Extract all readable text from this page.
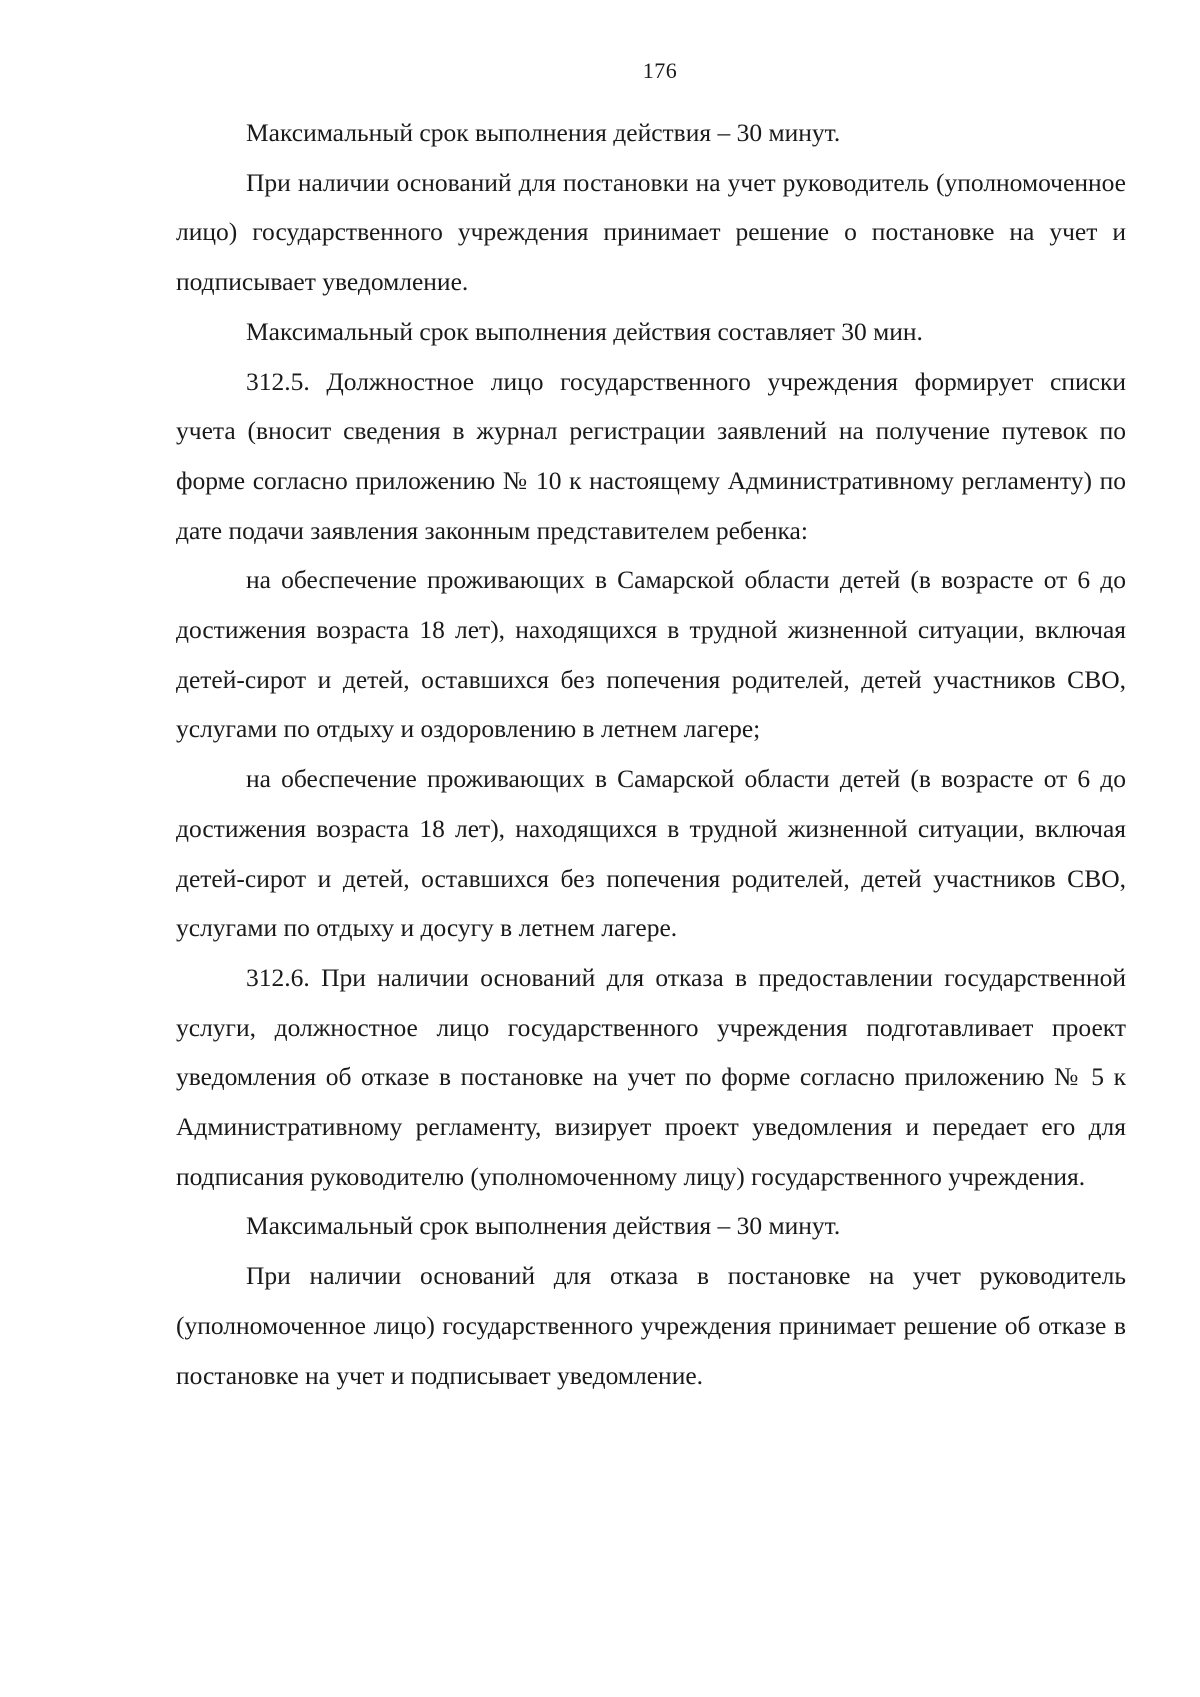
176

Максимальный срок выполнения действия – 30 минут.

При наличии оснований для постановки на учет руководитель (уполномоченное лицо) государственного учреждения принимает решение о постановке на учет и подписывает уведомление.

Максимальный срок выполнения действия составляет 30 мин.

312.5. Должностное лицо государственного учреждения формирует списки учета (вносит сведения в журнал регистрации заявлений на получение путевок по форме согласно приложению № 10 к настоящему Административному регламенту) по дате подачи заявления законным представителем ребенка:

на обеспечение проживающих в Самарской области детей (в возрасте от 6 до достижения возраста 18 лет), находящихся в трудной жизненной ситуации, включая детей-сирот и детей, оставшихся без попечения родителей, детей участников СВО, услугами по отдыху и оздоровлению в летнем лагере;

на обеспечение проживающих в Самарской области детей (в возрасте от 6 до достижения возраста 18 лет), находящихся в трудной жизненной ситуации, включая детей-сирот и детей, оставшихся без попечения родителей, детей участников СВО, услугами по отдыху и досугу в летнем лагере.

312.6. При наличии оснований для отказа в предоставлении государственной услуги, должностное лицо государственного учреждения подготавливает проект уведомления об отказе в постановке на учет по форме согласно приложению № 5 к Административному регламенту, визирует проект уведомления и передает его для подписания руководителю (уполномоченному лицу) государственного учреждения.

Максимальный срок выполнения действия – 30 минут.

При наличии оснований для отказа в постановке на учет руководитель (уполномоченное лицо) государственного учреждения принимает решение об отказе в постановке на учет и подписывает уведомление.
